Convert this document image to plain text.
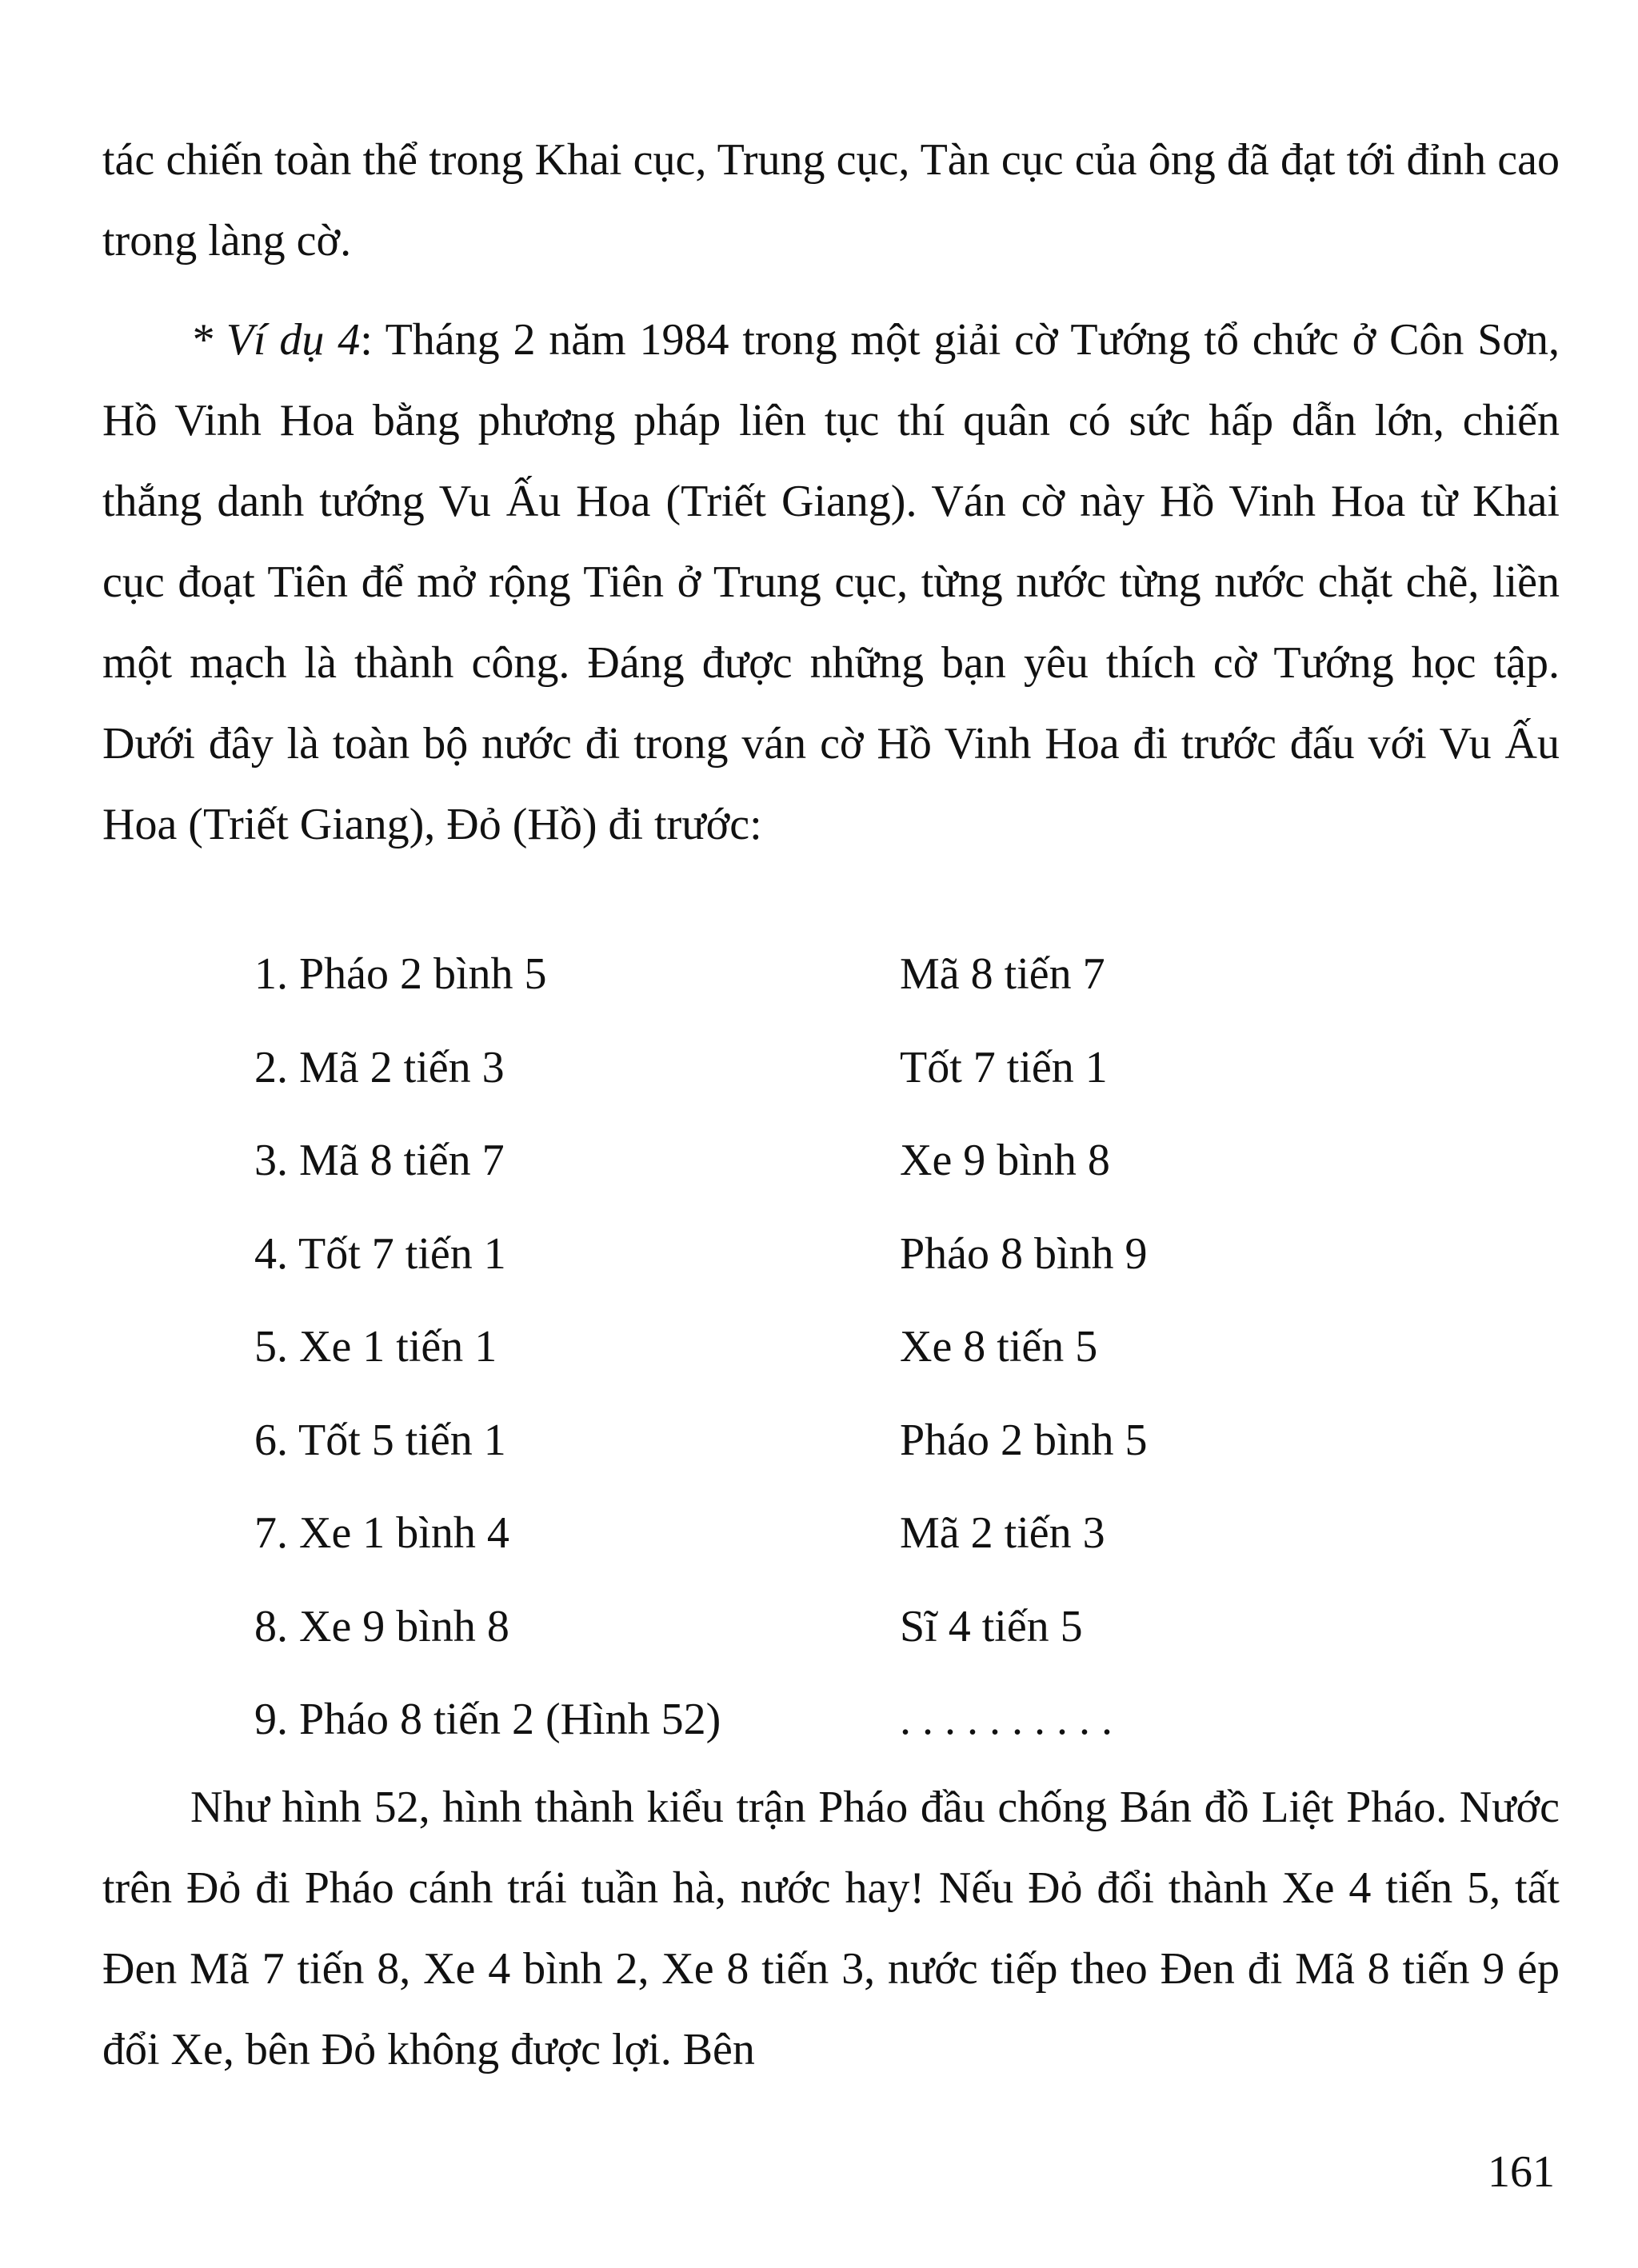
tác chiến toàn thể trong Khai cục, Trung cục, Tàn cục của ông đã đạt tới đỉnh cao trong làng cờ.

* Ví dụ 4: Tháng 2 năm 1984 trong một giải cờ Tướng tổ chức ở Côn Sơn, Hồ Vinh Hoa bằng phương pháp liên tục thí quân có sức hấp dẫn lớn, chiến thắng danh tướng Vu Ấu Hoa (Triết Giang). Ván cờ này Hồ Vinh Hoa từ Khai cục đoạt Tiên để mở rộng Tiên ở Trung cục, từng nước từng nước chặt chẽ, liền một mạch là thành công. Đáng được những bạn yêu thích cờ Tướng học tập. Dưới đây là toàn bộ nước đi trong ván cờ Hồ Vinh Hoa đi trước đấu với Vu Ấu Hoa (Triết Giang), Đỏ (Hồ) đi trước:

1. Pháo 2 bình 5	Mã 8 tiến 7
2. Mã 2 tiến 3	Tốt 7 tiến 1
3. Mã 8 tiến 7	Xe 9 bình 8
4. Tốt 7 tiến 1	Pháo 8 bình 9
5. Xe 1 tiến 1	Xe 8 tiến 5
6. Tốt 5 tiến 1	Pháo 2 bình 5
7. Xe 1 bình 4	Mã 2 tiến 3
8. Xe 9 bình 8	Sĩ 4 tiến 5
9. Pháo 8 tiến 2 (Hình 52)	. . . . . . . . . .

Như hình 52, hình thành kiểu trận Pháo đầu chống Bán đồ Liệt Pháo. Nước trên Đỏ đi Pháo cánh trái tuần hà, nước hay! Nếu Đỏ đổi thành Xe 4 tiến 5, tất Đen Mã 7 tiến 8, Xe 4 bình 2, Xe 8 tiến 3, nước tiếp theo Đen đi Mã 8 tiến 9 ép đổi Xe, bên Đỏ không được lợi. Bên

161
